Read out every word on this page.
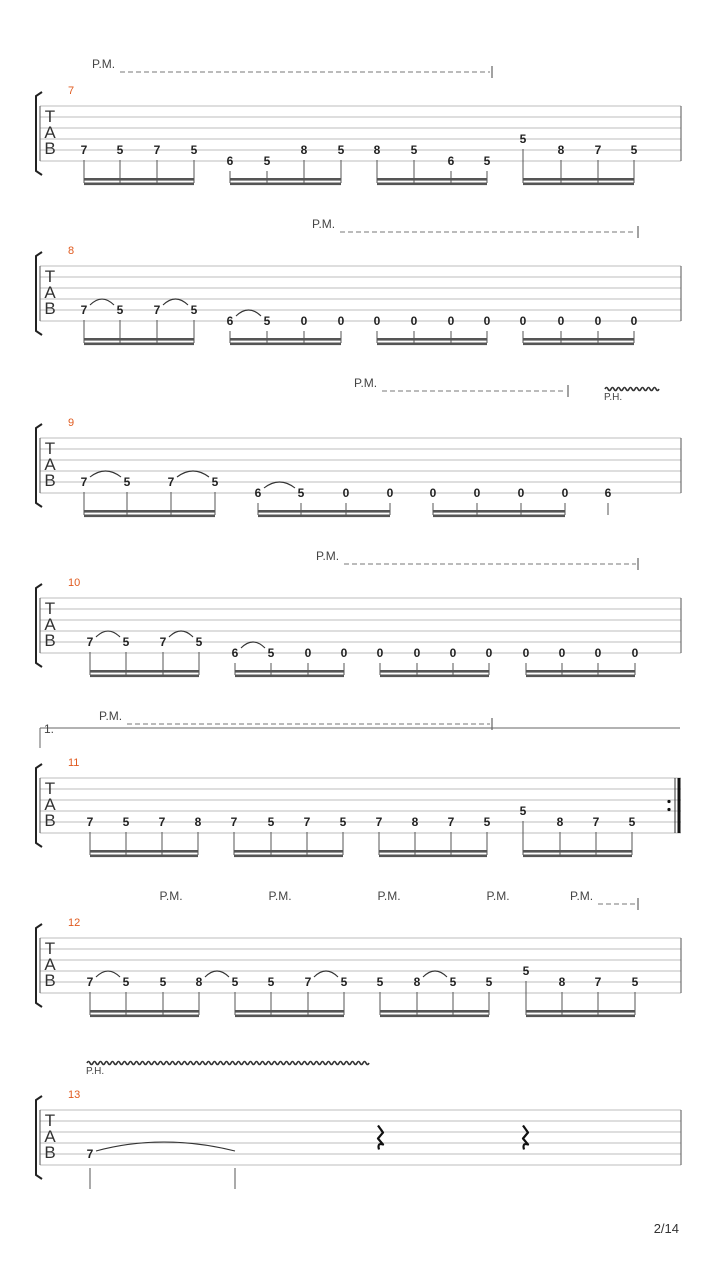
T
A
B
7
P.M.
7 5	7	5
6	5
8	5 8	5
6 5
5
8	7 5
T
A
B
8
P.M.
7 5	7	5
6	5	0	0 0	0	0 0 0	0	0 0
T
A
B
9
P.M.
P.H.
7	5	7	5
6	5	0	0	0	0	0	0	6
T
A
B
10
P.M.
7 5	7 5
6 5	0 0 0	0 0 0	0 0 0	0
T
A
B
11
P.M.
1.
7 5 7 8 7	5 7 5 7 8 7 5
5
8 7 5
T
A
B
12
P.M.	P.M.	P.M.	P.M.	P.M.
7 5	5 8 5 5	7 5 5	8 5 5
5
8 7	5
T
A
B
13
P.H.
7
2/14
